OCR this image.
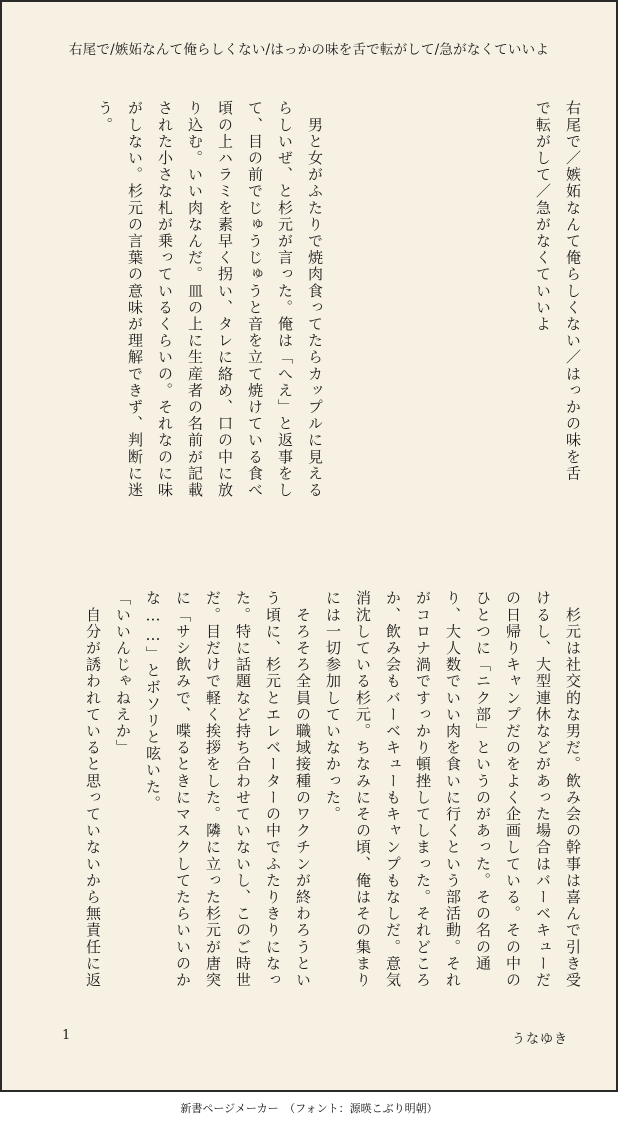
右尾で/嫉妬なんて俺らしくない/はっかの味を舌で転がして/急がなくていいよ

右尾で／嫉妬なんて俺らしくない／はっかの味を舌

で転がして／急がなくていいよ

　男と女がふたりで焼肉食ってたらカップルに見えるらしいぜ、と杉元が言った。俺は「へえ」と返事をして、目の前でじゅうじゅうと音を立て焼けている食べ頃の上ハラミを素早く拐い、タレに絡め、口の中に放り込む。いい肉なんだ。皿の上に生産者の名前が記載された小さな札が乗っているくらいの。それなのに味がしない。杉元の言葉の意味が理解できず、判断に迷う。

　杉元は社交的な男だ。飲み会の幹事は喜んで引き受けるし、大型連休などがあった場合はバーベキューだの日帰りキャンプだのをよく企画している。その中のひとつに「ニク部」というのがあった。その名の通り、大人数でいい肉を食いに行くという部活動。それがコロナ渦ですっかり頓挫してしまった。それどころか、飲み会もバーベキューもキャンプもなしだ。意気消沈している杉元。ちなみにその頃、俺はその集まりには一切参加していなかった。

　そろそろ全員の職域接種のワクチンが終わろうという頃に、杉元とエレベーターの中でふたりきりになった。特に話題など持ち合わせていないし、このご時世だ。目だけで軽く挨拶をした。隣に立った杉元が唐突に「サシ飲みで、喋るときにマスクしてたらいいのかな……」とボソリと呟いた。

「いいんじゃねえか」

　自分が誘われていると思っていないから無責任に返

1	うなゆき
新書ページメーカー　（フォント：源暎こぶり明朝）
